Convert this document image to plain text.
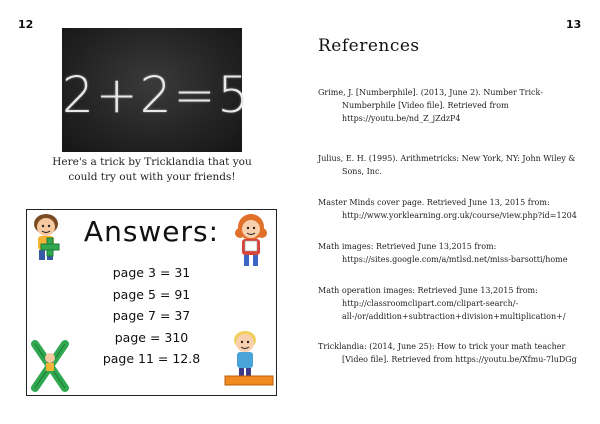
12	13
2+2=5
Here's a trick by Tricklandia that you could try out with your friends!
Answers:
page 3 = 31
page 5 = 91
page 7 = 37
page = 310
page 11 = 12.8
References
Grime, J. [Numberphile]. (2013, June 2). Number Trick- Numberphile [Video file]. Retrieved from https://youtu.be/nd_Z_jZdzP4
Julius, E. H. (1995). Arithmetricks: New York, NY: John Wiley & Sons, Inc.
Master Minds cover page. Retrieved June 13, 2015 from: http://www.yorklearning.org.uk/course/view.php?id=1204
Math images: Retrieved June 13,2015 from: https://sites.google.com/a/mtlsd.net/miss-barsotti/home
Math operation images: Retrieved June 13,2015 from: http://classroomclipart.com/clipart-search/-all-/or/addition+subtraction+division+multiplication+/
Tricklandia: (2014, June 25): How to trick your math teacher [Video file]. Retrieved from https://youtu.be/Xfmu-7luDGg
